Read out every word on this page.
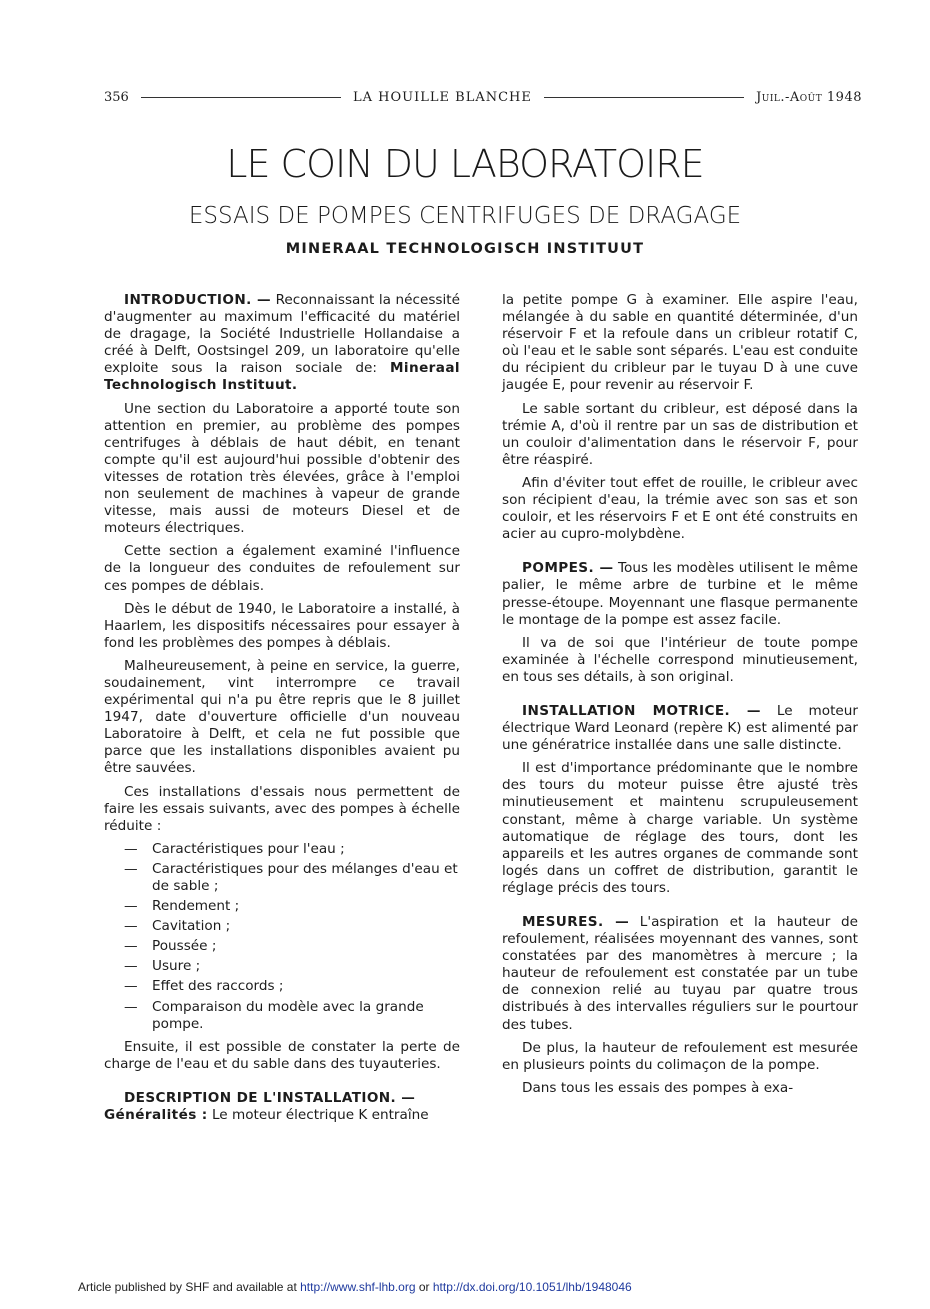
356	LA HOUILLE BLANCHE	Juil.-Août 1948
LE COIN DU LABORATOIRE
ESSAIS DE POMPES CENTRIFUGES DE DRAGAGE
MINERAAL TECHNOLOGISCH INSTITUUT

INTRODUCTION. — Reconnaissant la nécessité d'augmenter au maximum l'efficacité du matériel de dragage, la Société Industrielle Hollandaise a créé à Delft, Oostsingel 209, un laboratoire qu'elle exploite sous la raison sociale de: Mineraal Technologisch Instituut.

Une section du Laboratoire a apporté toute son attention en premier, au problème des pompes centrifuges à déblais de haut débit, en tenant compte qu'il est aujourd'hui possible d'obtenir des vitesses de rotation très élevées, grâce à l'emploi non seulement de machines à vapeur de grande vitesse, mais aussi de moteurs Diesel et de moteurs électriques.

Cette section a également examiné l'influence de la longueur des conduites de refoulement sur ces pompes de déblais.

Dès le début de 1940, le Laboratoire a installé, à Haarlem, les dispositifs nécessaires pour essayer à fond les problèmes des pompes à déblais.

Malheureusement, à peine en service, la guerre, soudainement, vint interrompre ce travail expérimental qui n'a pu être repris que le 8 juillet 1947, date d'ouverture officielle d'un nouveau Laboratoire à Delft, et cela ne fut possible que parce que les installations disponibles avaient pu être sauvées.

Ces installations d'essais nous permettent de faire les essais suivants, avec des pompes à échelle réduite :

— Caractéristiques pour l'eau ;
— Caractéristiques pour des mélanges d'eau et de sable ;
— Rendement ;
— Cavitation ;
— Poussée ;
— Usure ;
— Effet des raccords ;
— Comparaison du modèle avec la grande pompe.

Ensuite, il est possible de constater la perte de charge de l'eau et du sable dans des tuyauteries.

DESCRIPTION DE L'INSTALLATION. —
Généralités : Le moteur électrique K entraîne

la petite pompe G à examiner. Elle aspire l'eau, mélangée à du sable en quantité déterminée, d'un réservoir F et la refoule dans un cribleur rotatif C, où l'eau et le sable sont séparés. L'eau est conduite du récipient du cribleur par le tuyau D à une cuve jaugée E, pour revenir au réservoir F.

Le sable sortant du cribleur, est déposé dans la trémie A, d'où il rentre par un sas de distribution et un couloir d'alimentation dans le réservoir F, pour être réaspiré.

Afin d'éviter tout effet de rouille, le cribleur avec son récipient d'eau, la trémie avec son sas et son couloir, et les réservoirs F et E ont été construits en acier au cupro-molybdène.

POMPES. — Tous les modèles utilisent le même palier, le même arbre de turbine et le même presse-étoupe. Moyennant une flasque permanente le montage de la pompe est assez facile.

Il va de soi que l'intérieur de toute pompe examinée à l'échelle correspond minutieusement, en tous ses détails, à son original.

INSTALLATION MOTRICE. — Le moteur électrique Ward Leonard (repère K) est alimenté par une génératrice installée dans une salle distincte.

Il est d'importance prédominante que le nombre des tours du moteur puisse être ajusté très minutieusement et maintenu scrupuleusement constant, même à charge variable. Un système automatique de réglage des tours, dont les appareils et les autres organes de commande sont logés dans un coffret de distribution, garantit le réglage précis des tours.

MESURES. — L'aspiration et la hauteur de refoulement, réalisées moyennant des vannes, sont constatées par des manomètres à mercure ; la hauteur de refoulement est constatée par un tube de connexion relié au tuyau par quatre trous distribués à des intervalles réguliers sur le pourtour des tubes.

De plus, la hauteur de refoulement est mesurée en plusieurs points du colimaçon de la pompe.

Dans tous les essais des pompes à exa-

Article published by SHF and available at http://www.shf-lhb.org or http://dx.doi.org/10.1051/lhb/1948046
